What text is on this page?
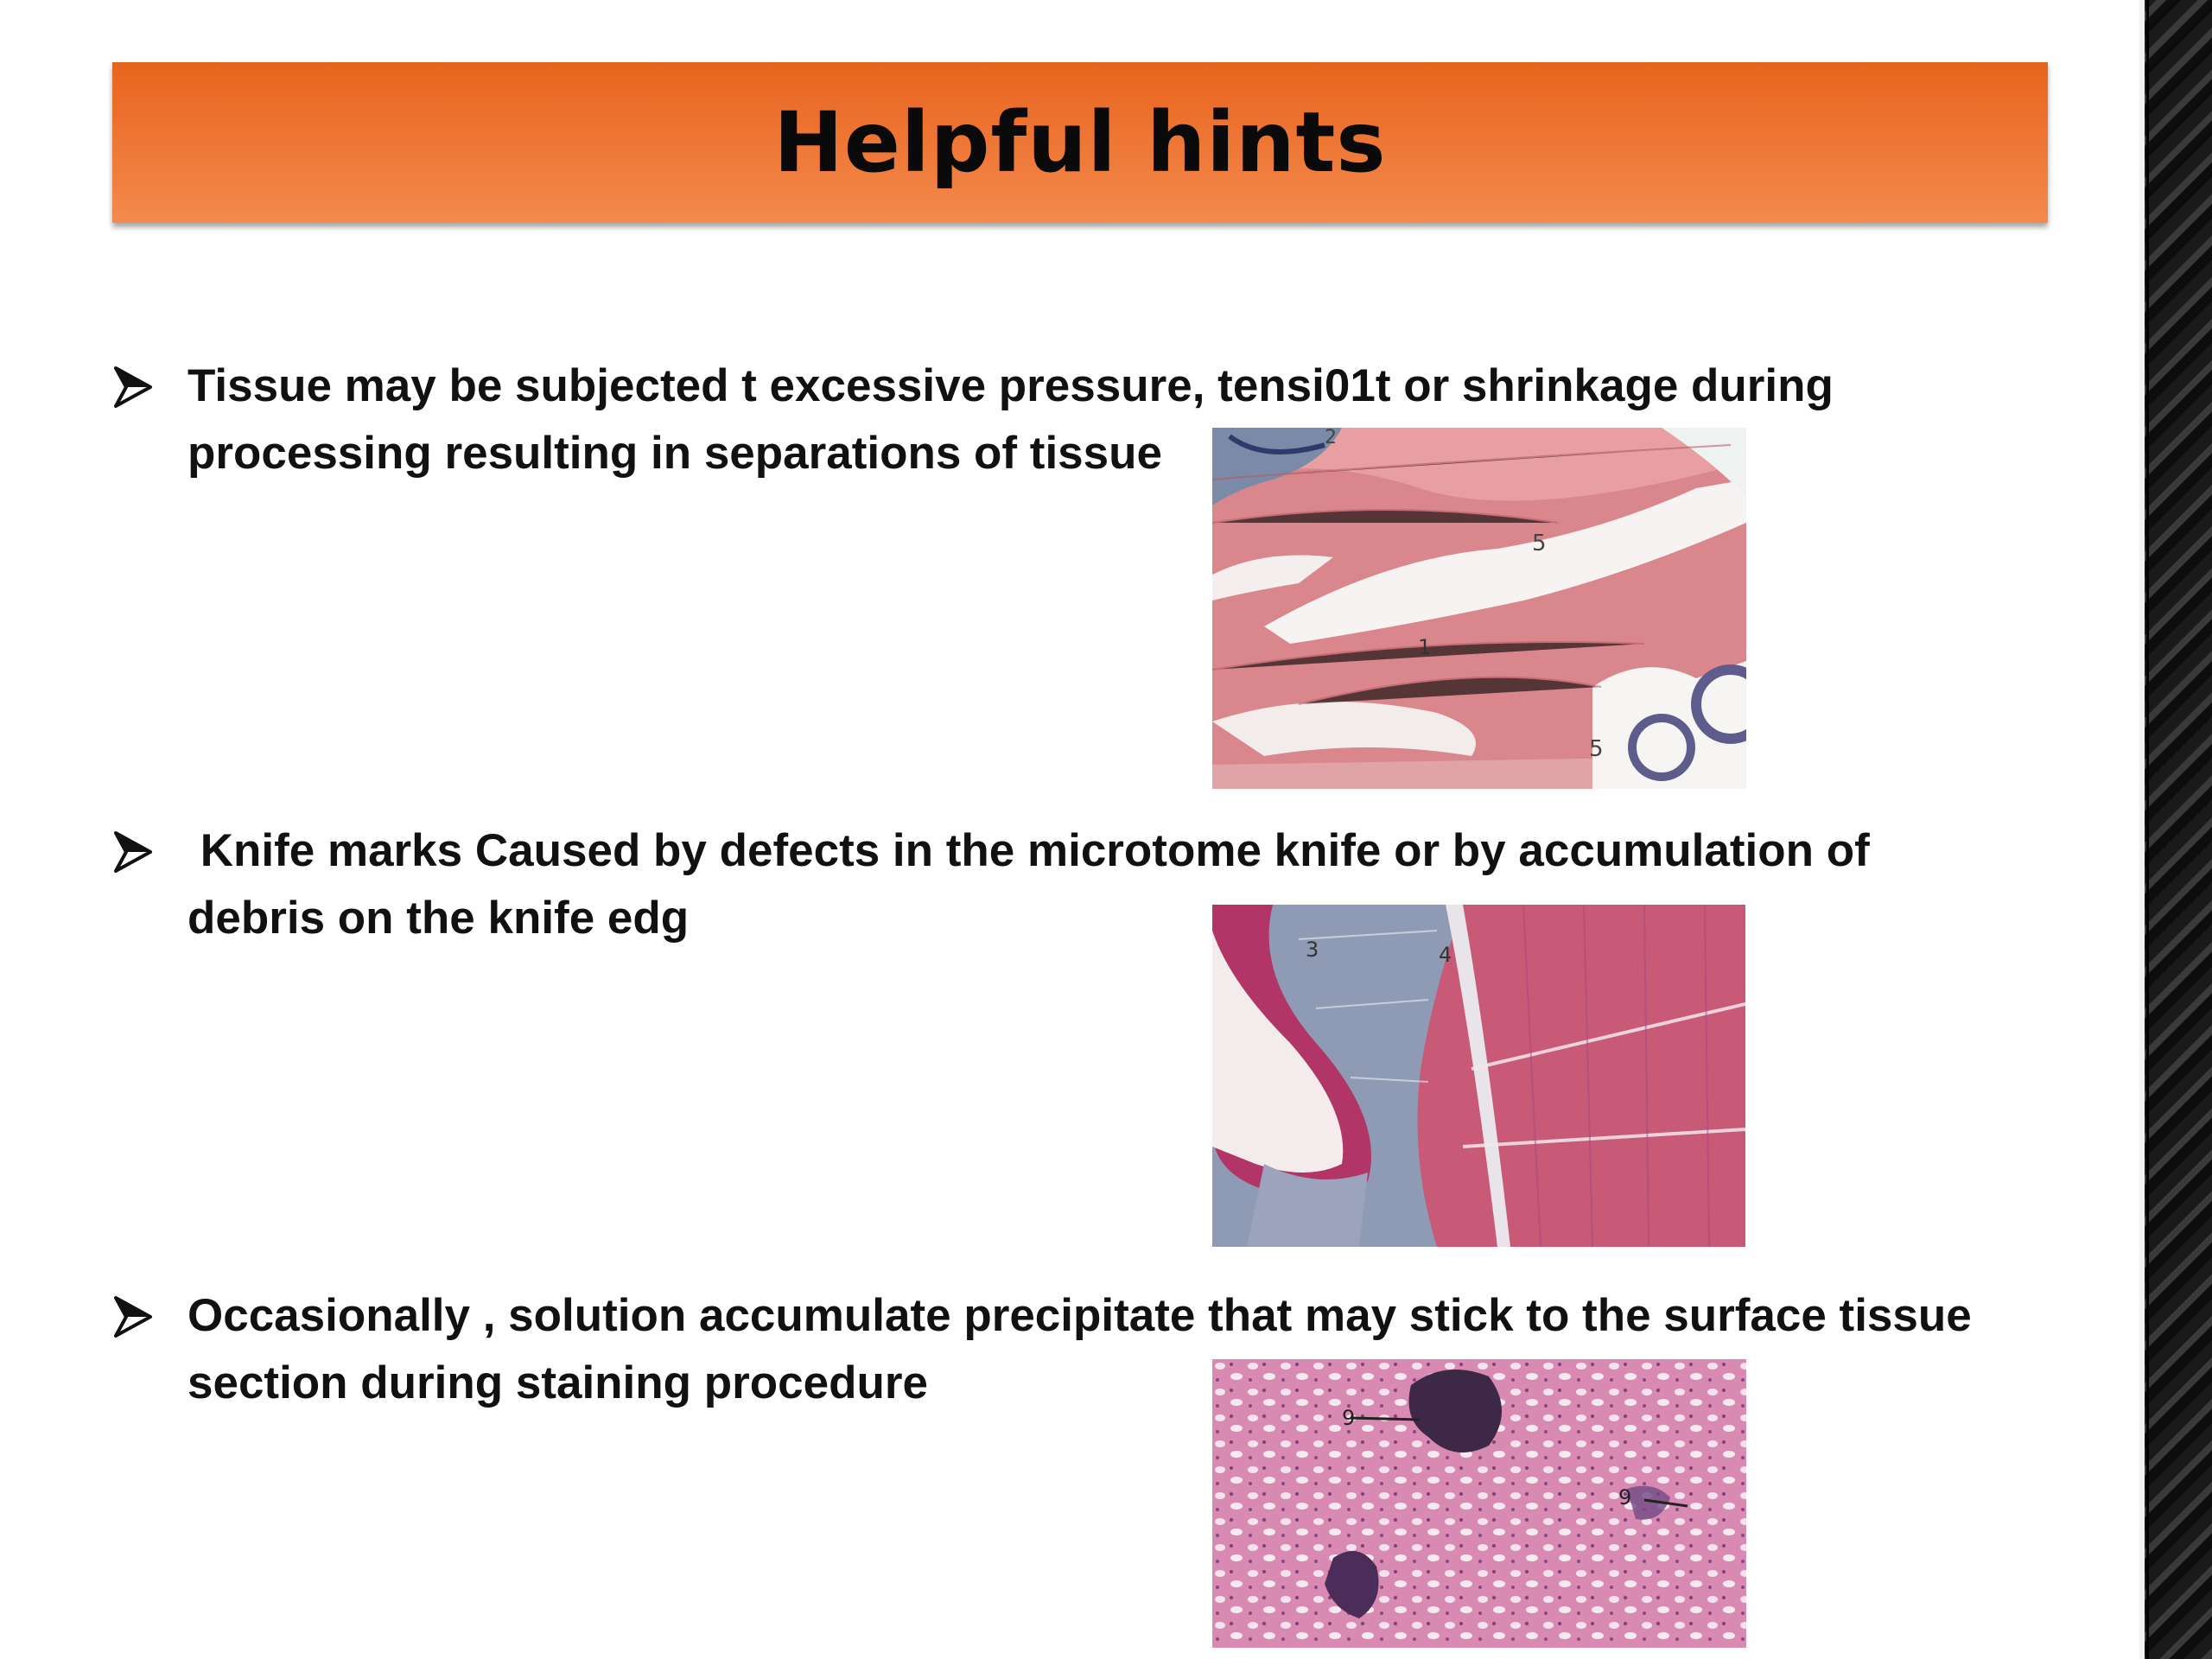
Helpful hints
Tissue may be subjected t excessive pressure, tensi01t or shrinkage during processing resulting in separations of tissue
5
2
1
5
Knife marks Caused by defects in the microtome knife or by accumulation of debris on the knife edg
3	4
Occasionally , solution accumulate precipitate that may stick to the surface tissue section during staining procedure
9
9
